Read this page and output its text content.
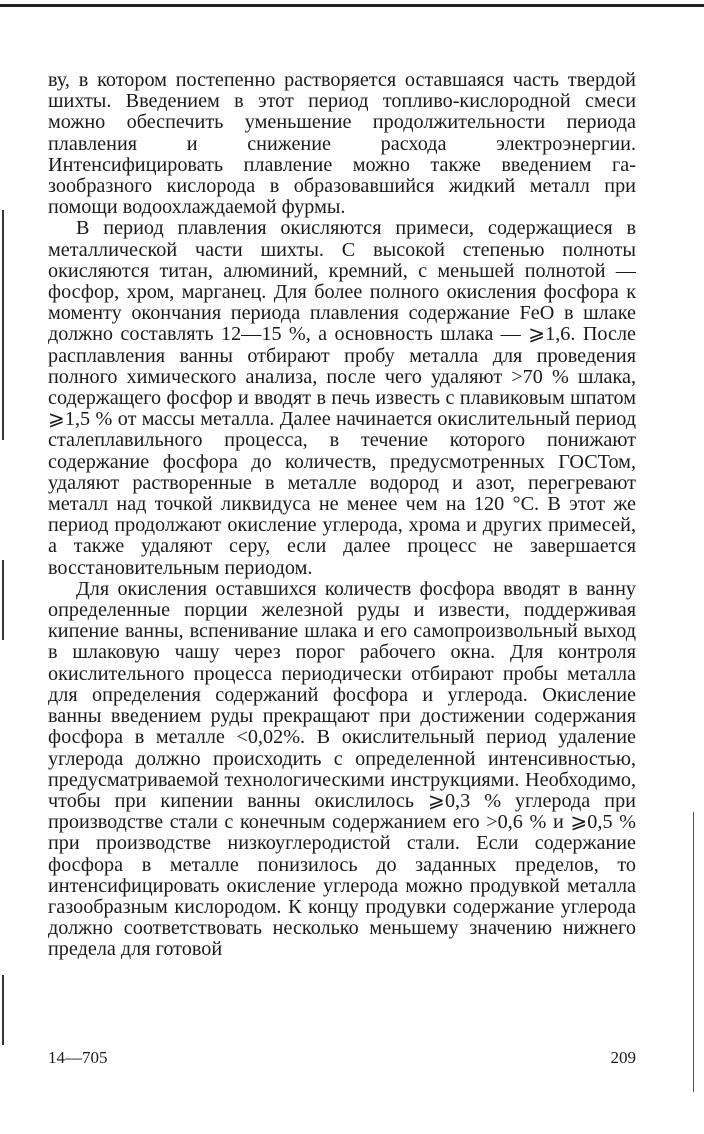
ву, в котором постепенно растворяется оставшаяся часть твердой шихты. Введением в этот период топливо-кислородной смеси можно обеспечить уменьшение продолжительности периода плавления и снижение расхода электроэнергии. Интенсифицировать плавление можно также введением газообразного кислорода в образовавшийся жидкий металл при помощи водоохлаждаемой фурмы.

В период плавления окисляются примеси, содержащиеся в металлической части шихты. С высокой степенью полноты окисляются титан, алюминий, кремний, с меньшей полнотой — фосфор, хром, марганец. Для более полного окисления фосфора к моменту окончания периода плавления содержание FeO в шлаке должно составлять 12—15 %, а основность шлака — ⩾1,6. После расплавления ванны отбирают пробу металла для проведения полного химического анализа, после чего удаляют >70 % шлака, содержащего фосфор и вводят в печь известь с плавиковым шпатом ⩾1,5 % от массы металла. Далее начинается окислительный период сталеплавильного процесса, в течение которого понижают содержание фосфора до количеств, предусмотренных ГОСТом, удаляют растворенные в металле водород и азот, перегревают металл над точкой ликвидуса не менее чем на 120 °С. В этот же период продолжают окисление углерода, хрома и других примесей, а также удаляют серу, если далее процесс не завершается восстановительным периодом.

Для окисления оставшихся количеств фосфора вводят в ванну определенные порции железной руды и извести, поддерживая кипение ванны, вспенивание шлака и его самопроизвольный выход в шлаковую чашу через порог рабочего окна. Для контроля окислительного процесса периодически отбирают пробы металла для определения содержаний фосфора и углерода. Окисление ванны введением руды прекращают при достижении содержания фосфора в металле <0,02%. В окислительный период удаление углерода должно происходить с определенной интенсивностью, предусматриваемой технологическими инструкциями. Необходимо, чтобы при кипении ванны окислилось ⩾0,3 % углерода при производстве стали с конечным содержанием его >0,6 % и ⩾0,5 % при производстве низкоуглеродистой стали. Если содержание фосфора в металле понизилось до заданных пределов, то интенсифицировать окисление углерода можно продувкой металла газообразным кислородом. К концу продувки содержание углерода должно соответствовать несколько меньшему значению нижнего предела для готовой

14—705	209
